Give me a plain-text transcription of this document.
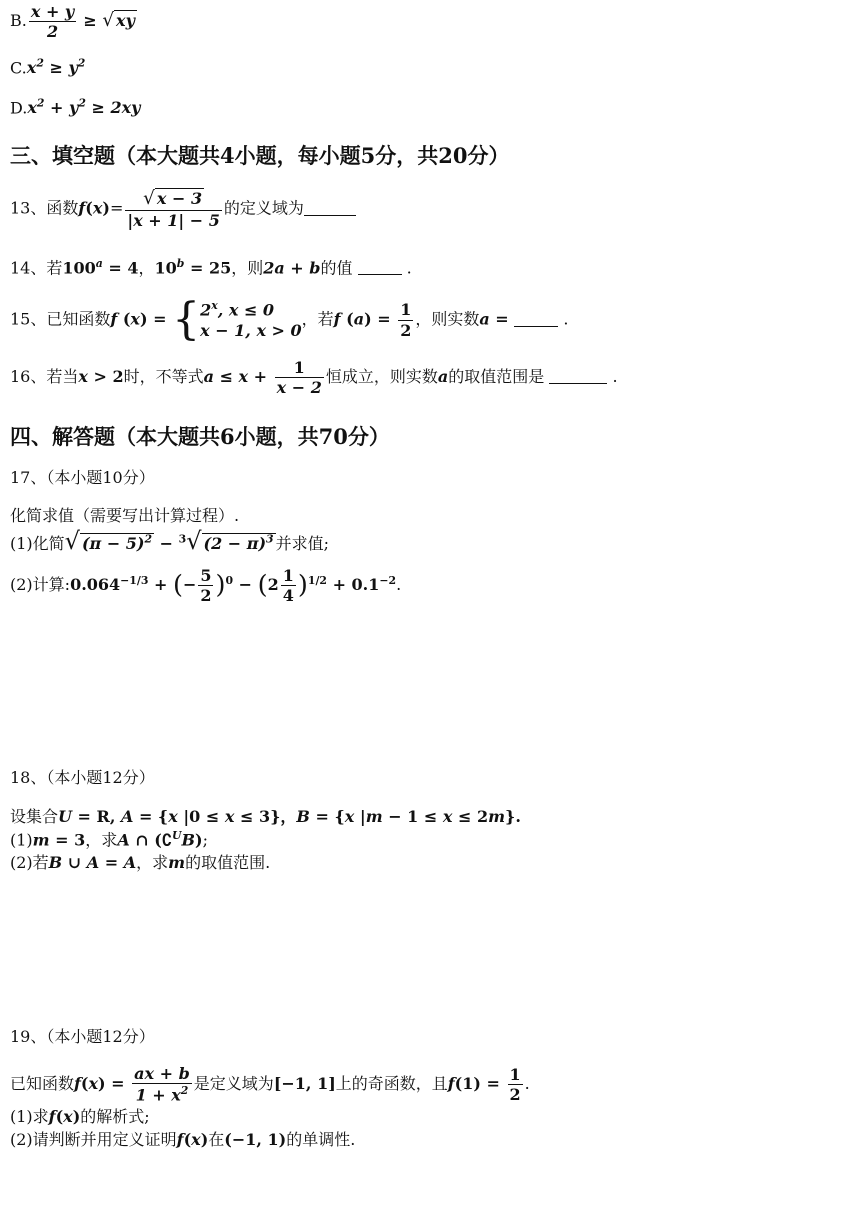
B. $\frac{x + y}{2}$ ≥ √ xy
$C.x^2 \ge y^2$
$D.x^2 + y^2 \ge 2xy$
三、填空题（本大题共4小题，每小题5分，共20分）
13、函数$f(x)= \frac{√ x - 3}{|x + 1| - 5}$ 的定义域为
14、若$100^a = 4$，$10^b = 25$，则2a + b的值	.
15、已知函数f (x) = { 2$^x$, x ≤ 0
x − 1, x > 0
，若f $(a) = \frac{1}{2}$ ，则实数a =	.
16、若当x > 2时，不等式$a \le x + \frac{1}{x - 2}$ 恒成立，则实数a的取值范围是	.
四、解答题（本大题共6小题，共70分）
17、（本小题10分）
化简求值（需要写出计算过程）.
(1)化简√ $(\pi - 5)^2 - ^3√$ $(2 - \pi)^3$ 并求值;
(2)计算$:0.064^{-1/3}$ + (− $\frac{5}{2} )^0 - (2 \frac{1}{4} )^{1/2} + 0.1^{-2}$.
18、（本小题12分）
设集合U = R, A = {x |0 ≤ x ≤ 3}，B = {x |m − 1 ≤ x ≤ 2m}.
(1)m = 3，求A ∩ (∁$^U$B);
(2)若B ∪ A = A，求m的取值范围.
19、（本小题12分）
已知函数$f(x) = \frac{ax + b}{1 + x^2}$ 是定义域为[−1, 1]上的奇函数，且$f(1) = \frac{1}{2}$ .
(1)求f(x)的解析式;
(2)请判断并用定义证明f(x)在(−1, 1)的单调性.
